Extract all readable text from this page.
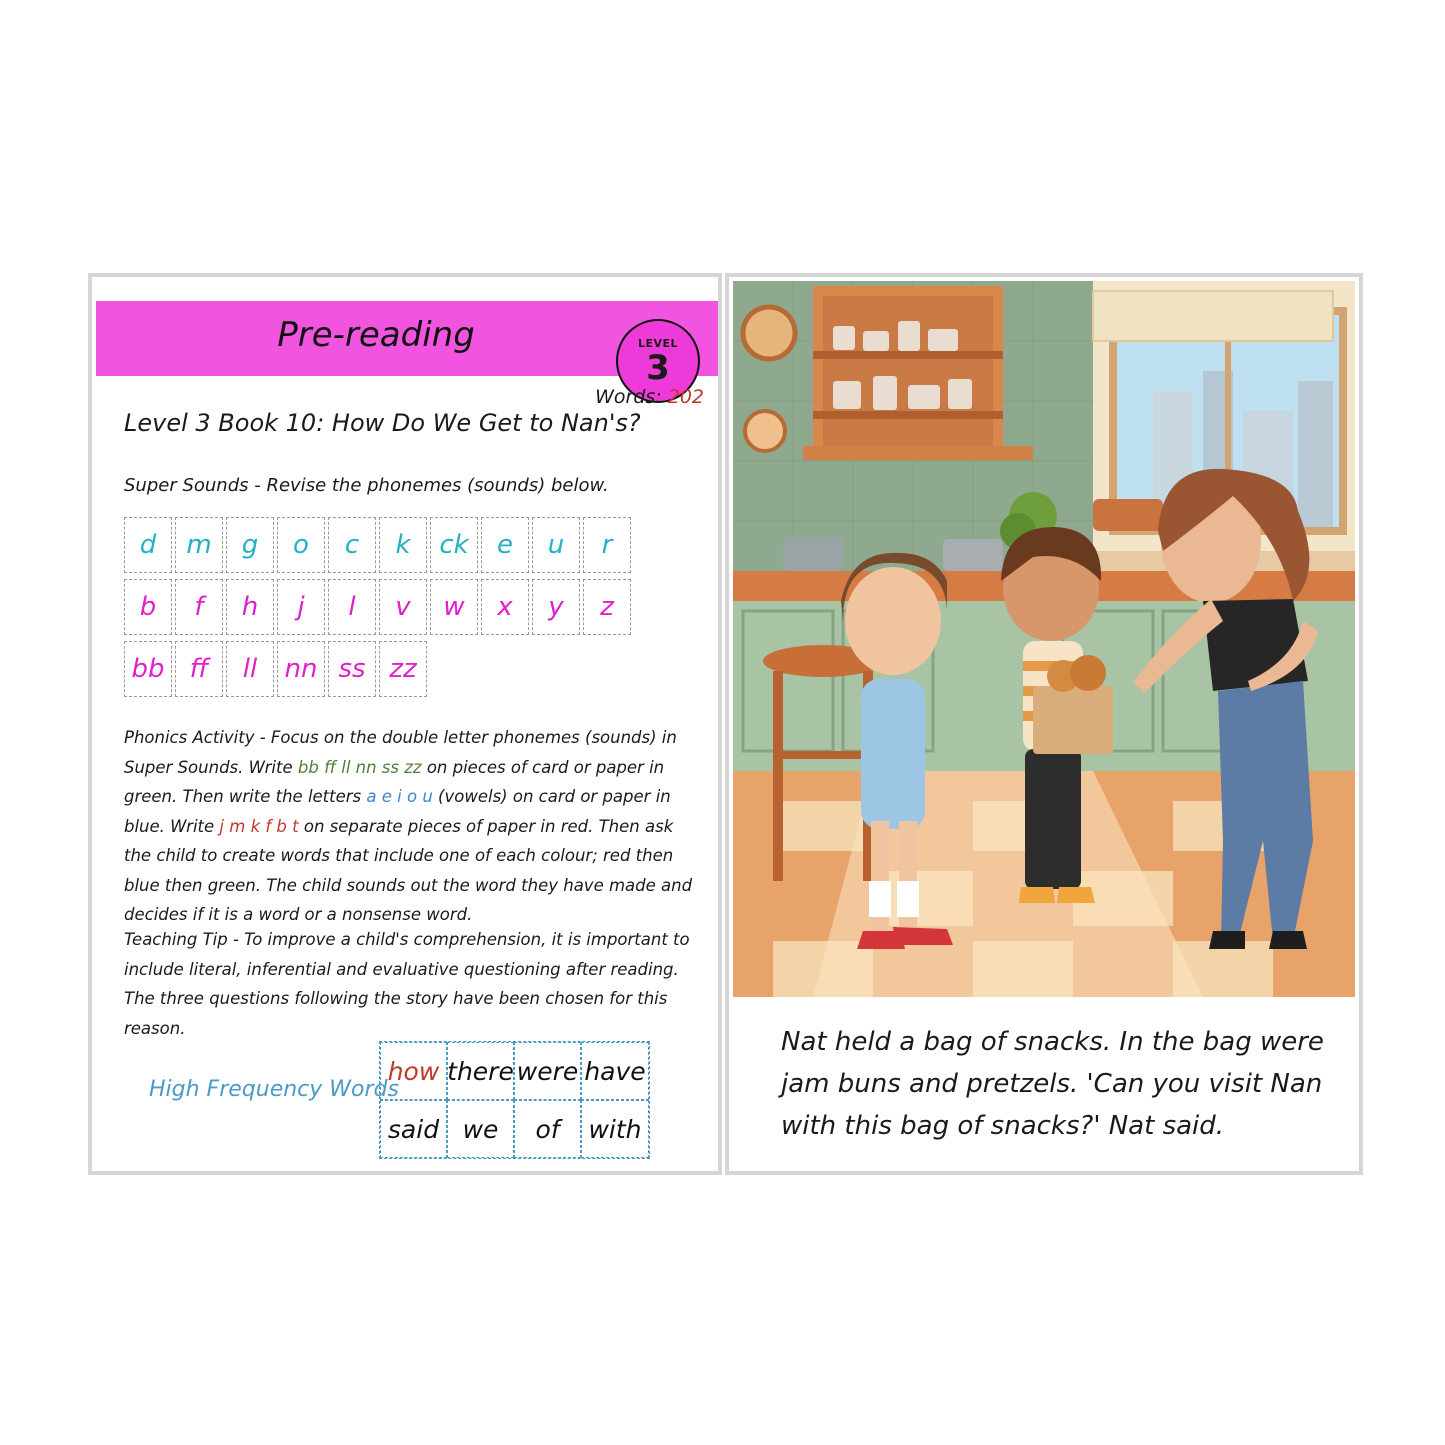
Pre-reading	LEVEL
3
Words: 202
Level 3 Book 10: How Do We Get to Nan's?
Super Sounds - Revise the phonemes (sounds) below.
d	m	g	o	c	k	ck	e	u	r
b	f	h	j	l	v	w	x	y	z
bb ff	ll	nn ss zz
Phonics Activity - Focus on the double letter phonemes (sounds) in Super Sounds. Write bb ff ll nn ss zz on pieces of card or paper in green. Then write the letters a e i o u (vowels) on card or paper in blue. Write j m k f b t on separate pieces of paper in red. Then ask the child to create words that include one of each colour; red then blue then green. The child sounds out the word they have made and decides if it is a word or a nonsense word.
Teaching Tip - To improve a child's comprehension, it is important to include literal, inferential and evaluative questioning after reading. The three questions following the story have been chosen for this reason.
High Frequency Words
how there were have
said we	of	with
Nat held a bag of snacks. In the bag were jam buns and pretzels. 'Can you visit Nan with this bag of snacks?' Nat said.
